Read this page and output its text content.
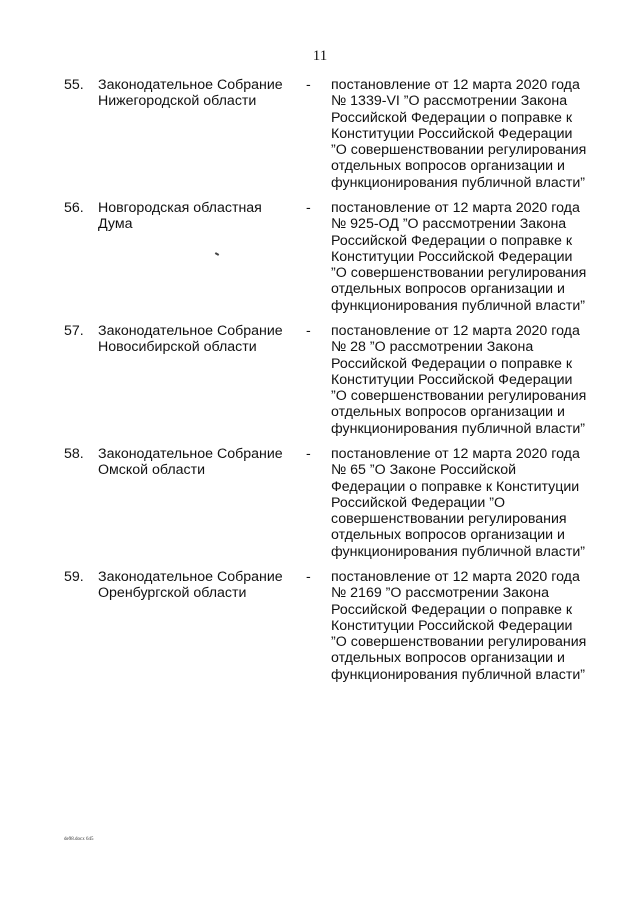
11
55.	Законодательное Собрание
Нижегородской области
-	постановление от 12 марта 2020 года
№ 1339-VI ”О рассмотрении Закона
Российской Федерации о поправке к
Конституции Российской Федерации
”О совершенствовании регулирования
отдельных вопросов организации и
функционирования публичной власти”
56.	Новгородская областная
Дума
-	постановление от 12 марта 2020 года
№ 925-ОД ”О рассмотрении Закона
Российской Федерации о поправке к
Конституции Российской Федерации
”О совершенствовании регулирования
отдельных вопросов организации и
функционирования публичной власти”
57.	Законодательное Собрание
Новосибирской области
-	постановление от 12 марта 2020 года
№ 28 ”О рассмотрении Закона
Российской Федерации о поправке к
Конституции Российской Федерации
”О совершенствовании регулирования
отдельных вопросов организации и
функционирования публичной власти”
58.	Законодательное Собрание
Омской области
-	постановление от 12 марта 2020 года
№ 65 ”О Законе Российской
Федерации о поправке к Конституции
Российской Федерации ”О
совершенствовании регулирования
отдельных вопросов организации и
функционирования публичной власти”
59.	Законодательное Собрание
Оренбургской области
-	постановление от 12 марта 2020 года
№ 2169 ”О рассмотрении Закона
Российской Федерации о поправке к
Конституции Российской Федерации
”О совершенствовании регулирования
отдельных вопросов организации и
функционирования публичной власти”
de98.docx 645
